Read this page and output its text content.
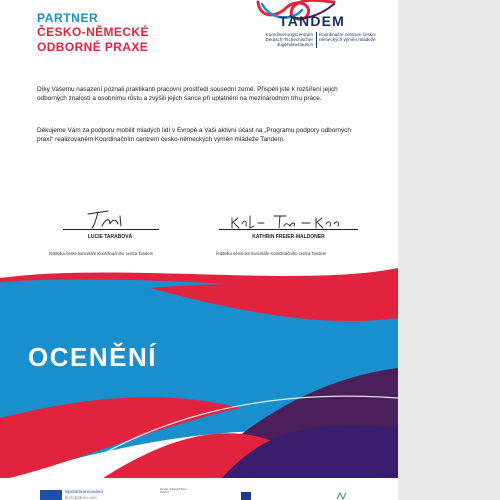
PARTNER
ČESKO-NĚMECKÉ
ODBORNÉ PRAXE
TANDEM
Koordinierungszentrum Deutsch-Tschechischer Jugendaustausch
Koordinační centrum česko-německých výměn mládeže

Díky Vašemu nasazení poznali praktikanti pracovní prostředí sousední země. Přispěli jste k rozšíření jejich odborných znalostí a osobnímu růstu a zvýšili jejich šance při uplatnění na mezinárodním trhu práce.

Děkujeme Vám za podporu mobilit mladých lidí v Evropě a Vaši aktivní účast na „Programu podpory odborných praxí“ realizovaném Koordinačním centrem česko-německých výměn mládeže Tandem.

LUCIE TARABOVÁ	KATHRIN FREIER-MALDONER
ředitelka české kanceláře Koordinačního centra Tandem	ředitelka německé kanceláře Koordinačního centra Tandem
OCENĚNÍ
Spolufinancováno
Evropskou unií
Zender nékterých firem Tandem
